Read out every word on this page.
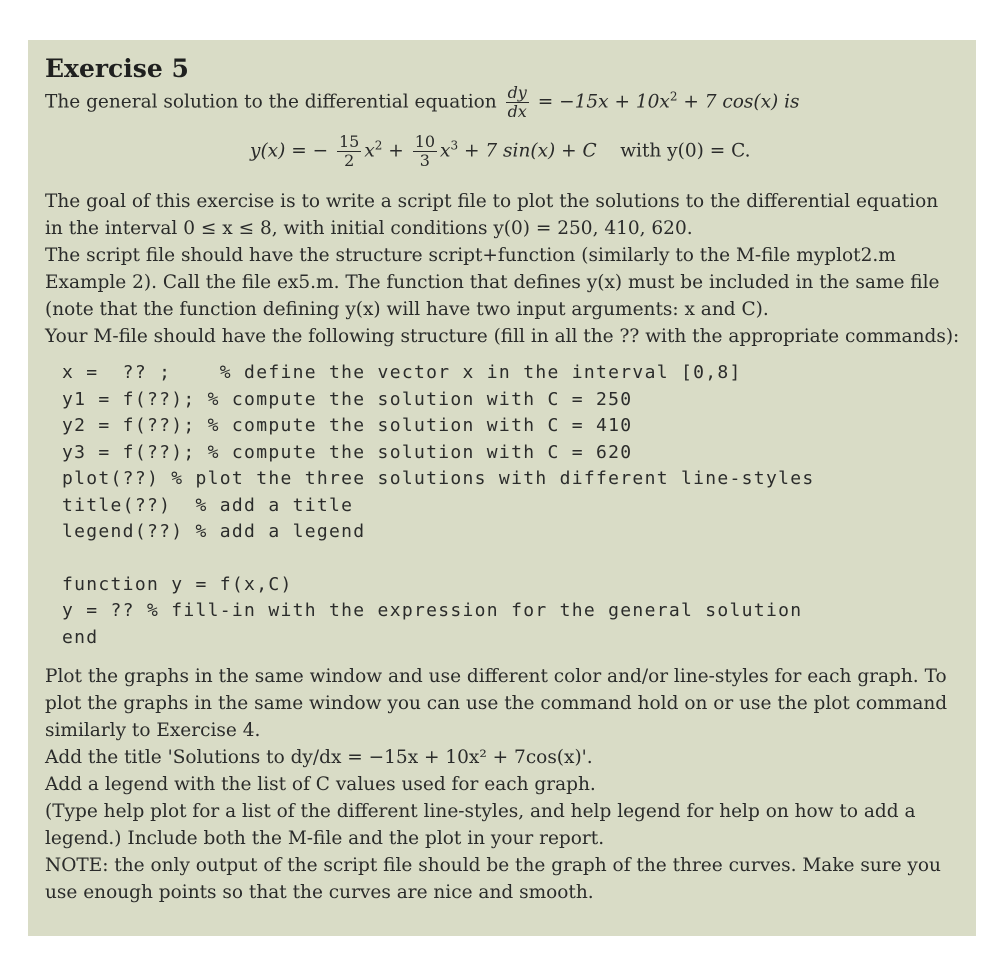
Exercise 5
The general solution to the differential equation $\frac{dy}{dx} = -15x + 10x^2 + 7$ cos(x) is
y(x) = − $\frac{15}{2} x^2 + \frac{10}{3} x^3 + 7$ sin(x) + C with y(0) = C.
The goal of this exercise is to write a script file to plot the solutions to the differential equation
in the interval 0 ≤ x ≤ 8, with initial conditions y(0) = 250, 410, 620.
The script file should have the structure script+function (similarly to the M-file myplot2.m
Example 2). Call the file ex5.m. The function that defines y(x) must be included in the same file
(note that the function defining y(x) will have two input arguments: x and C).
Your M-file should have the following structure (fill in all the ?? with the appropriate commands):
x =  ?? ;    % define the vector x in the interval [0,8]
y1 = f(??); % compute the solution with C = 250
y2 = f(??); % compute the solution with C = 410
y3 = f(??); % compute the solution with C = 620
plot(??) % plot the three solutions with different line-styles
title(??)  % add a title
legend(??) % add a legend
function y = f(x,C)
y = ?? % fill-in with the expression for the general solution
end
Plot the graphs in the same window and use different color and/or line-styles for each graph. To
plot the graphs in the same window you can use the command hold on or use the plot command
similarly to Exercise 4.
Add the title 'Solutions to dy/dx = −15x + 10x² + 7cos(x)'.
Add a legend with the list of C values used for each graph.
(Type help plot for a list of the different line-styles, and help legend for help on how to add a
legend.) Include both the M-file and the plot in your report.
NOTE: the only output of the script file should be the graph of the three curves. Make sure you
use enough points so that the curves are nice and smooth.
